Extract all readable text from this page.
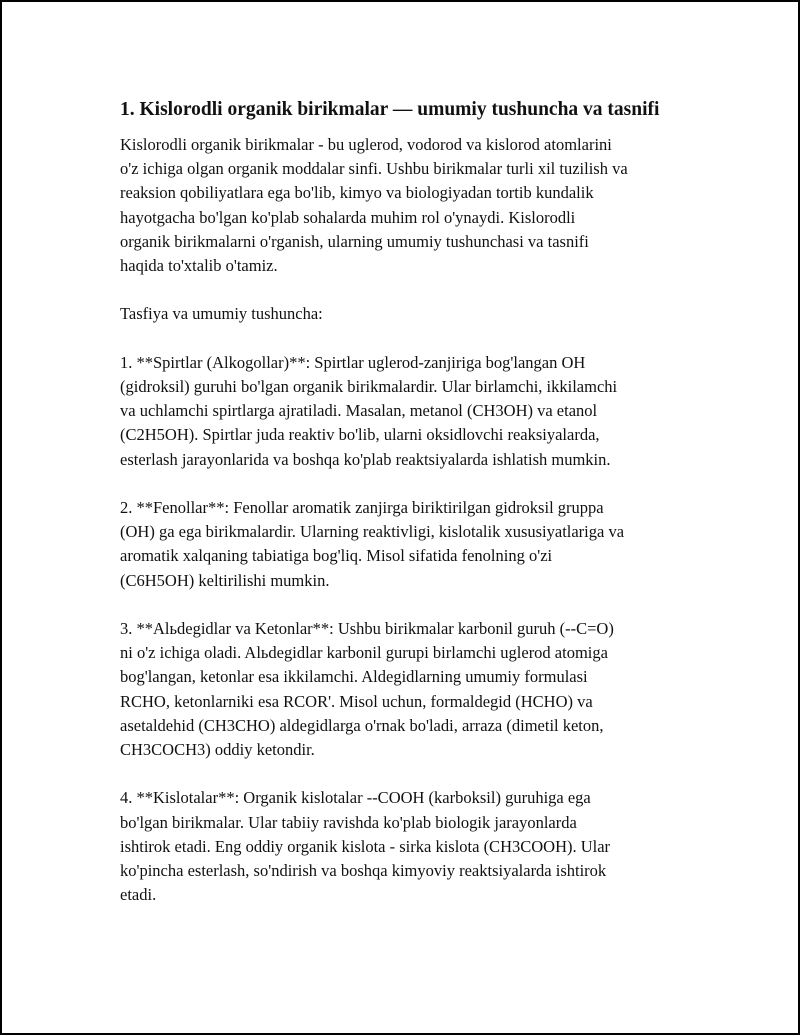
1. Kislorodli organik birikmalar — umumiy tushuncha va tasnifi

Kislorodli organik birikmalar - bu uglerod, vodorod va kislorod atomlarini
o'z ichiga olgan organik moddalar sinfi. Ushbu birikmalar turli xil tuzilish va
reaksion qobiliyatlara ega bo'lib, kimyo va biologiyadan tortib kundalik
hayotgacha bo'lgan ko'plab sohalarda muhim rol o'ynaydi. Kislorodli
organik birikmalarni o'rganish, ularning umumiy tushunchasi va tasnifi
haqida to'xtalib o'tamiz.

Tasfiya va umumiy tushuncha:

1. **Spirtlar (Alkogollar)**: Spirtlar uglerod-zanjiriga bog'langan OH
(gidroksil) guruhi bo'lgan organik birikmalardir. Ular birlamchi, ikkilamchi
va uchlamchi spirtlarga ajratiladi. Masalan, metanol (CH3OH) va etanol
(C2H5OH). Spirtlar juda reaktiv bo'lib, ularni oksidlovchi reaksiyalarda,
esterlash jarayonlarida va boshqa ko'plab reaktsiyalarda ishlatish mumkin.

2. **Fenollar**: Fenollar aromatik zanjirga biriktirilgan gidroksil gruppa
(OH) ga ega birikmalardir. Ularning reaktivligi, kislotalik xususiyatlariga va
aromatik xalqaning tabiatiga bog'liq. Misol sifatida fenolning o'zi
(C6H5OH) keltirilishi mumkin.

3. **Alьdegidlar va Ketonlar**: Ushbu birikmalar karbonil guruh (--C=O)
ni o'z ichiga oladi. Alьdegidlar karbonil gurupi birlamchi uglerod atomiga
bog'langan, ketonlar esa ikkilamchi. Aldegidlarning umumiy formulasi
RCHO, ketonlarniki esa RCOR'. Misol uchun, formaldegid (HCHO) va
asetaldehid (CH3CHO) aldegidlarga o'rnak bo'ladi, arraza (dimetil keton,
CH3COCH3) oddiy ketondir.

4. **Kislotalar**: Organik kislotalar --COOH (karboksil) guruhiga ega
bo'lgan birikmalar. Ular tabiiy ravishda ko'plab biologik jarayonlarda
ishtirok etadi. Eng oddiy organik kislota - sirka kislota (CH3COOH). Ular
ko'pincha esterlash, so'ndirish va boshqa kimyoviy reaktsiyalarda ishtirok
etadi.
